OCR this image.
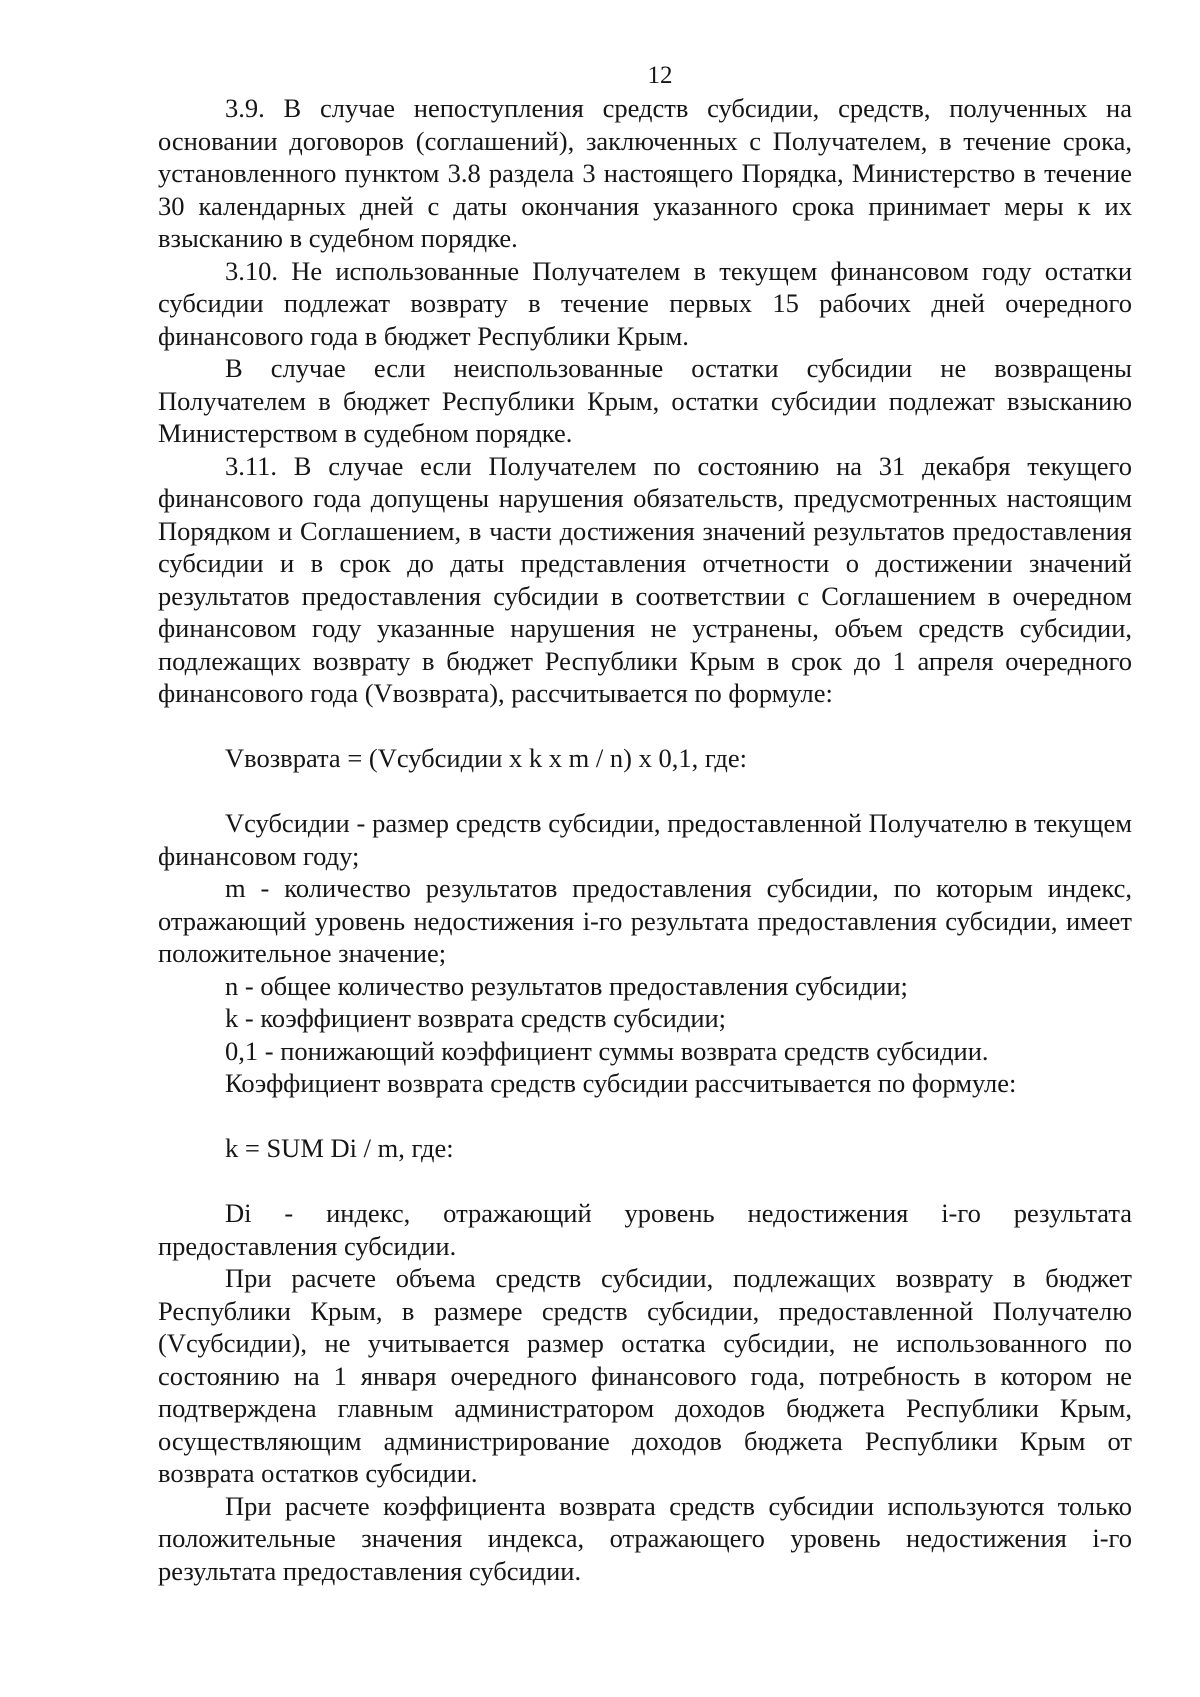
12

3.9. В случае непоступления средств субсидии, средств, полученных на основании договоров (соглашений), заключенных с Получателем, в течение срока, установленного пунктом 3.8 раздела 3 настоящего Порядка, Министерство в течение 30 календарных дней с даты окончания указанного срока принимает меры к их взысканию в судебном порядке.

3.10. Не использованные Получателем в текущем финансовом году остатки субсидии подлежат возврату в течение первых 15 рабочих дней очередного финансового года в бюджет Республики Крым.

В случае если неиспользованные остатки субсидии не возвращены Получателем в бюджет Республики Крым, остатки субсидии подлежат взысканию Министерством в судебном порядке.

3.11. В случае если Получателем по состоянию на 31 декабря текущего финансового года допущены нарушения обязательств, предусмотренных настоящим Порядком и Соглашением, в части достижения значений результатов предоставления субсидии и в срок до даты представления отчетности о достижении значений результатов предоставления субсидии в соответствии с Соглашением в очередном финансовом году указанные нарушения не устранены, объем средств субсидии, подлежащих возврату в бюджет Республики Крым в срок до 1 апреля очередного финансового года (Vвозврата), рассчитывается по формуле:

Vвозврата = (Vсубсидии x k x m / n) x 0,1, где:

Vсубсидии - размер средств субсидии, предоставленной Получателю в текущем финансовом году;

m - количество результатов предоставления субсидии, по которым индекс, отражающий уровень недостижения i-го результата предоставления субсидии, имеет положительное значение;

n - общее количество результатов предоставления субсидии;

k - коэффициент возврата средств субсидии;

0,1 - понижающий коэффициент суммы возврата средств субсидии.

Коэффициент возврата средств субсидии рассчитывается по формуле:

k = SUM Di / m, где:

Di - индекс, отражающий уровень недостижения i-го результата предоставления субсидии.

При расчете объема средств субсидии, подлежащих возврату в бюджет Республики Крым, в размере средств субсидии, предоставленной Получателю (Vсубсидии), не учитывается размер остатка субсидии, не использованного по состоянию на 1 января очередного финансового года, потребность в котором не подтверждена главным администратором доходов бюджета Республики Крым, осуществляющим администрирование доходов бюджета Республики Крым от возврата остатков субсидии.

При расчете коэффициента возврата средств субсидии используются только положительные значения индекса, отражающего уровень недостижения i-го результата предоставления субсидии.
